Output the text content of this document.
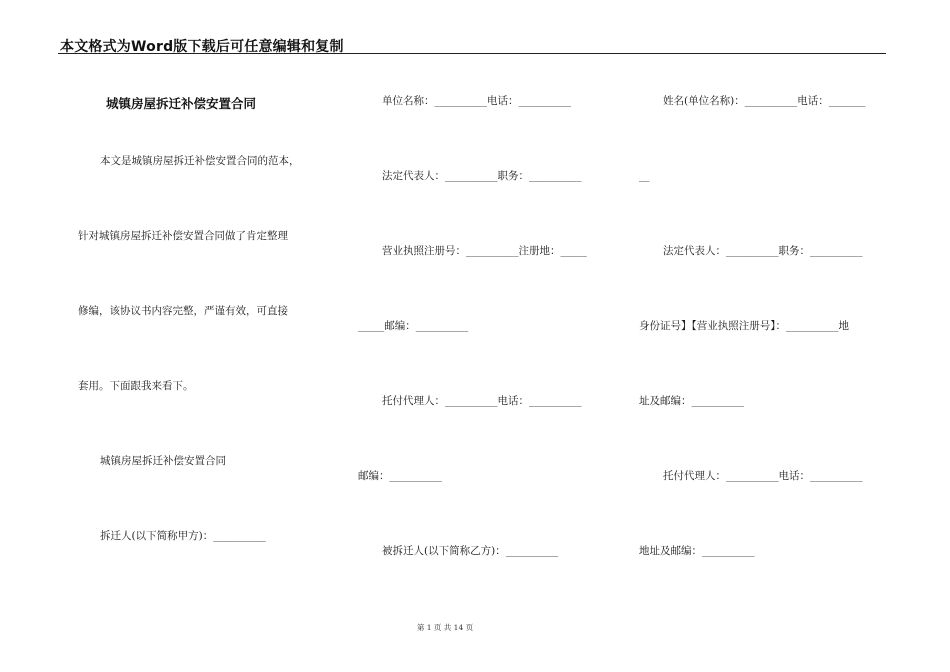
本文格式为Word版下载后可任意编辑和复制
城镇房屋拆迁补偿安置合同
本文是城镇房屋拆迁补偿安置合同的范本，
针对城镇房屋拆迁补偿安置合同做了肯定整理
修编，该协议书内容完整，严谨有效，可直接
套用。下面跟我来看下。
城镇房屋拆迁补偿安置合同
拆迁人(以下简称甲方)：__________
单位名称：__________电话：__________
法定代表人：__________职务：__________
营业执照注册号：__________注册地：_____
_____邮编：__________
托付代理人：__________电话：__________
邮编：__________
被拆迁人(以下简称乙方)：__________
姓名(单位名称)：__________电话：_______
__
法定代表人：__________职务：__________
身份证号】【营业执照注册号】：__________地
址及邮编：__________
托付代理人：__________电话：__________
地址及邮编：__________
第 1 页 共 14 页
